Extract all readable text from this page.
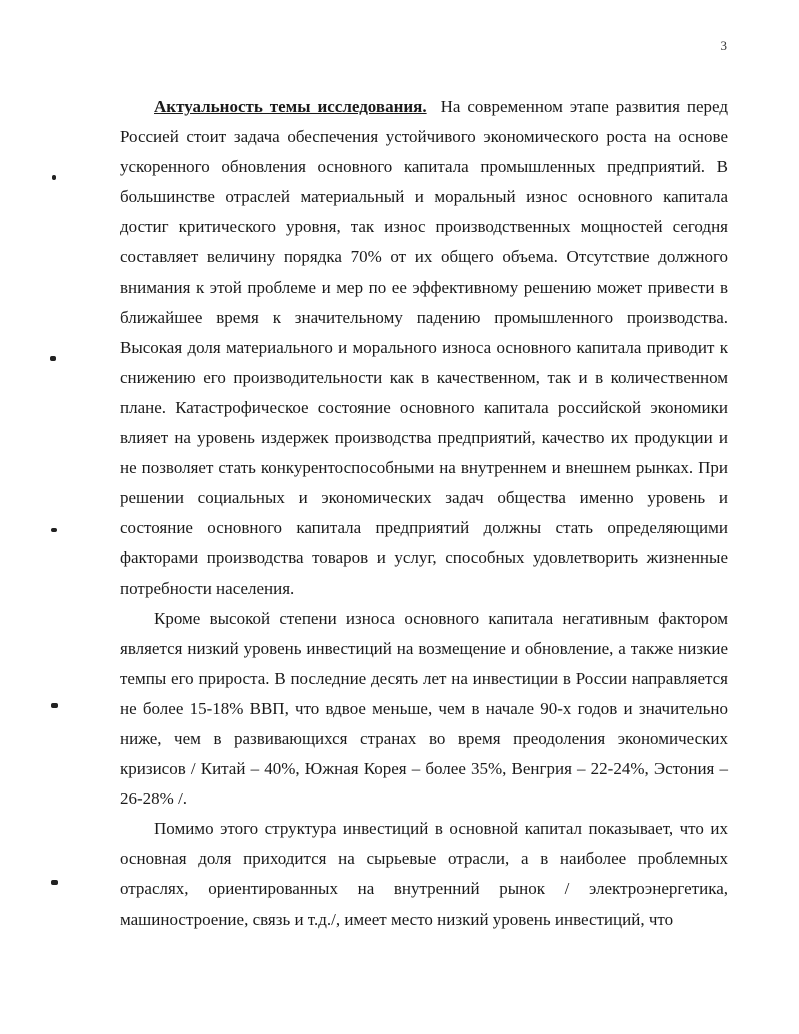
3

Актуальность темы исследования. На современном этапе развития перед Россией стоит задача обеспечения устойчивого экономического роста на основе ускоренного обновления основного капитала промышленных предприятий. В большинстве отраслей материальный и моральный износ основного капитала достиг критического уровня, так износ производственных мощностей сегодня составляет величину порядка 70% от их общего объема. Отсутствие должного внимания к этой проблеме и мер по ее эффективному решению может привести в ближайшее время к значительному падению промышленного производства. Высокая доля материального и морального износа основного капитала приводит к снижению его производительности как в качественном, так и в количественном плане. Катастрофическое состояние основного капитала российской экономики влияет на уровень издержек производства предприятий, качество их продукции и не позволяет стать конкурентоспособными на внутреннем и внешнем рынках. При решении социальных и экономических задач общества именно уровень и состояние основного капитала предприятий должны стать определяющими факторами производства товаров и услуг, способных удовлетворить жизненные потребности населения.

Кроме высокой степени износа основного капитала негативным фактором является низкий уровень инвестиций на возмещение и обновление, а также низкие темпы его прироста. В последние десять лет на инвестиции в России направляется не более 15-18% ВВП, что вдвое меньше, чем в начале 90-х годов и значительно ниже, чем в развивающихся странах во время преодоления экономических кризисов / Китай – 40%, Южная Корея – более 35%, Венгрия – 22-24%, Эстония – 26-28% /.

Помимо этого структура инвестиций в основной капитал показывает, что их основная доля приходится на сырьевые отрасли, а в наиболее проблемных отраслях, ориентированных на внутренний рынок / электроэнергетика, машиностроение, связь и т.д./, имеет место низкий уровень инвестиций, что
